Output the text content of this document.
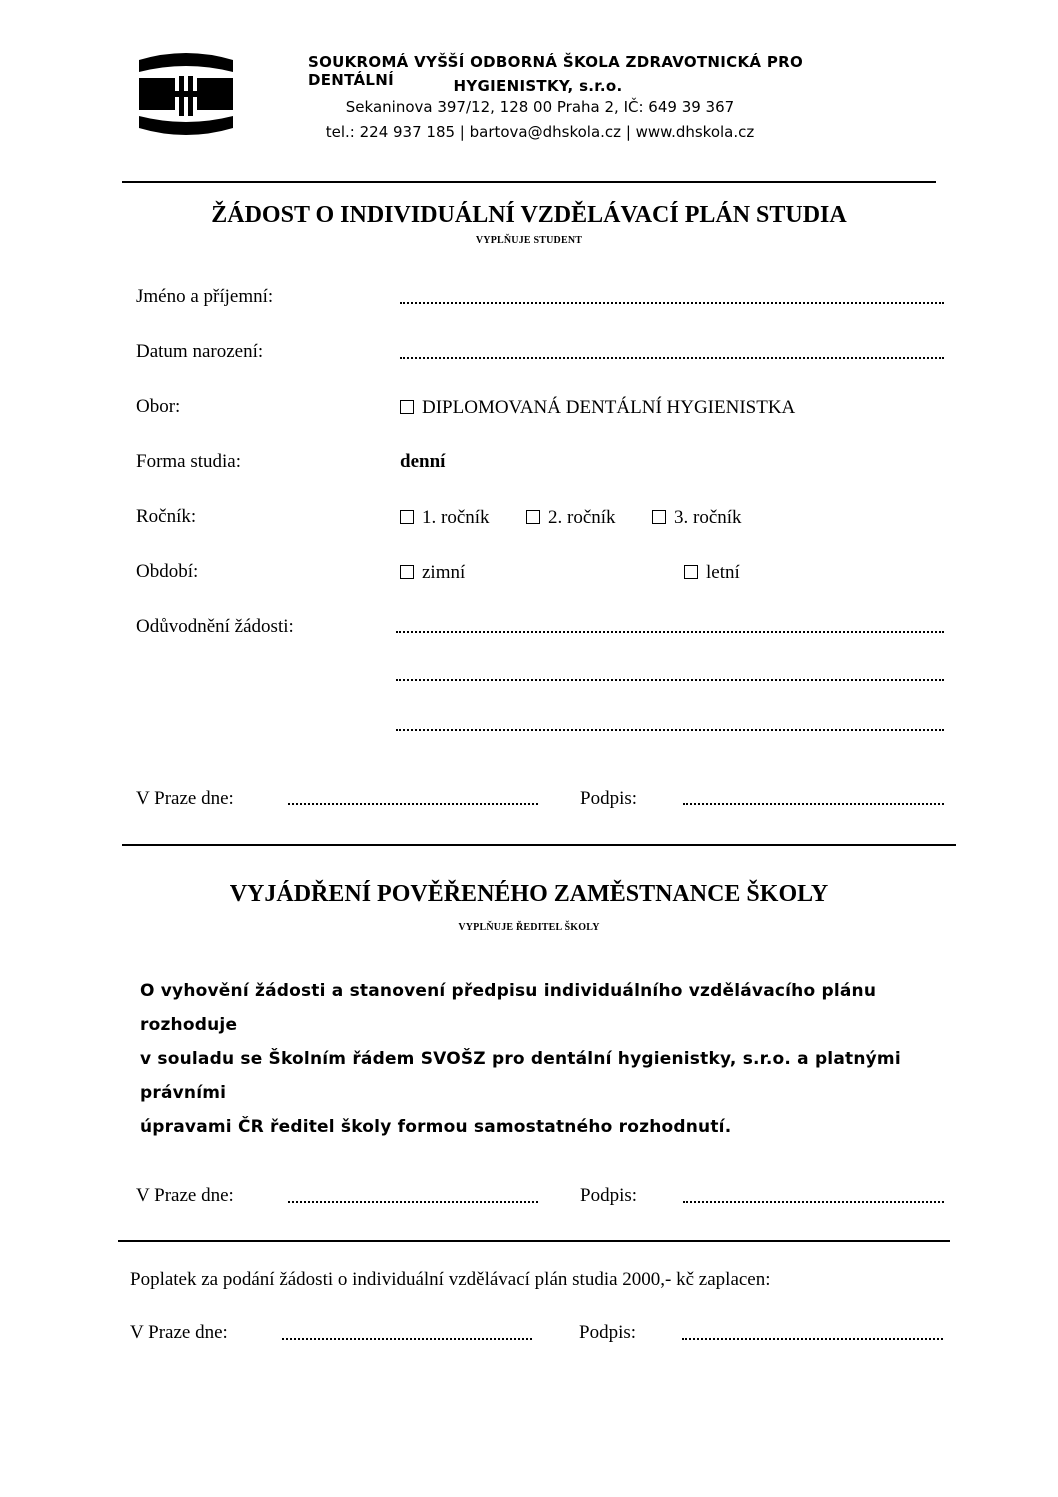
SOUKROMÁ VYŠŠÍ ODBORNÁ ŠKOLA ZDRAVOTNICKÁ PRO DENTÁLNÍ	HYGIENISTKY, s.r.o.
Sekaninova 397/12, 128 00 Praha 2, IČ: 649 39 367
tel.: 224 937 185 | bartova@dhskola.cz | www.dhskola.cz
ŽÁDOST O INDIVIDUÁLNÍ VZDĚLÁVACÍ PLÁN STUDIA
VYPLŇUJE STUDENT
Jméno a příjemní:
Datum narození:
Obor:	DIPLOMOVANÁ DENTÁLNÍ HYGIENISTKA
Forma studia:	denní
Ročník:	1. ročník	2. ročník	3. ročník
Období:	zimní	letní
Odůvodnění žádosti:
V Praze dne:	Podpis:
VYJÁDŘENÍ POVĚŘENÉHO ZAMĚSTNANCE ŠKOLY
VYPLŇUJE ŘEDITEL ŠKOLY
O vyhovění žádosti a stanovení předpisu individuálního vzdělávacího plánu rozhoduje
v souladu se Školním řádem SVOŠZ pro dentální hygienistky, s.r.o. a platnými právními
úpravami ČR ředitel školy formou samostatného rozhodnutí.
V Praze dne:	Podpis:
Poplatek za podání žádosti o individuální vzdělávací plán studia 2000,- kč zaplacen:
V Praze dne:	Podpis:
